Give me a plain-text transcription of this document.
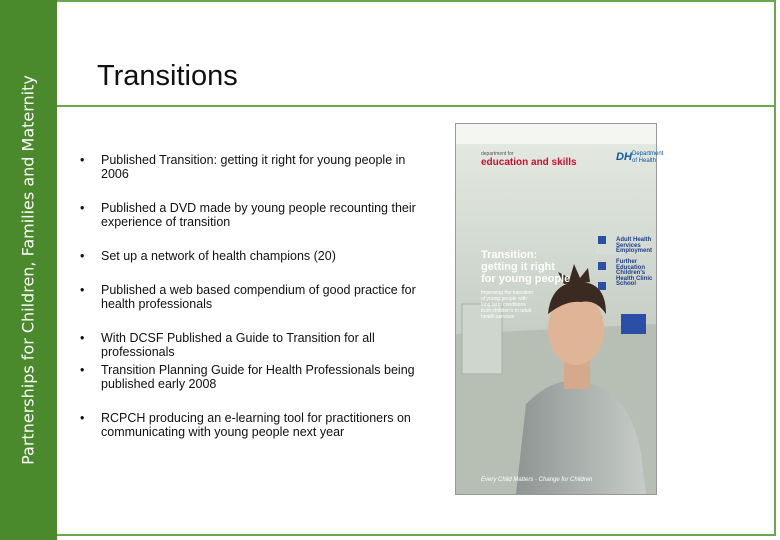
Partnerships for Children, Families and Maternity Transitions
• Published Transition: getting it right for young people in 2006
• Published a DVD made by young people recounting their experience of transition
• Set up a network of health champions (20)
• Published a web based compendium of good practice for health professionals
• With DCSF Published a Guide to Transition for all professionals
• Transition Planning Guide for Health Professionals being published early 2008
• RCPCH producing an e-learning tool for practitioners on communicating with young people next year
department for
education and skills	DH Department
of Health
Transition:
getting it right
for young people
Improving the transition
of young people with
long term conditions
from children's to adult
health services
Adult Health Services
Employment
Further Education
Children's Health Clinic
School
Every Child Matters · Change for Children
